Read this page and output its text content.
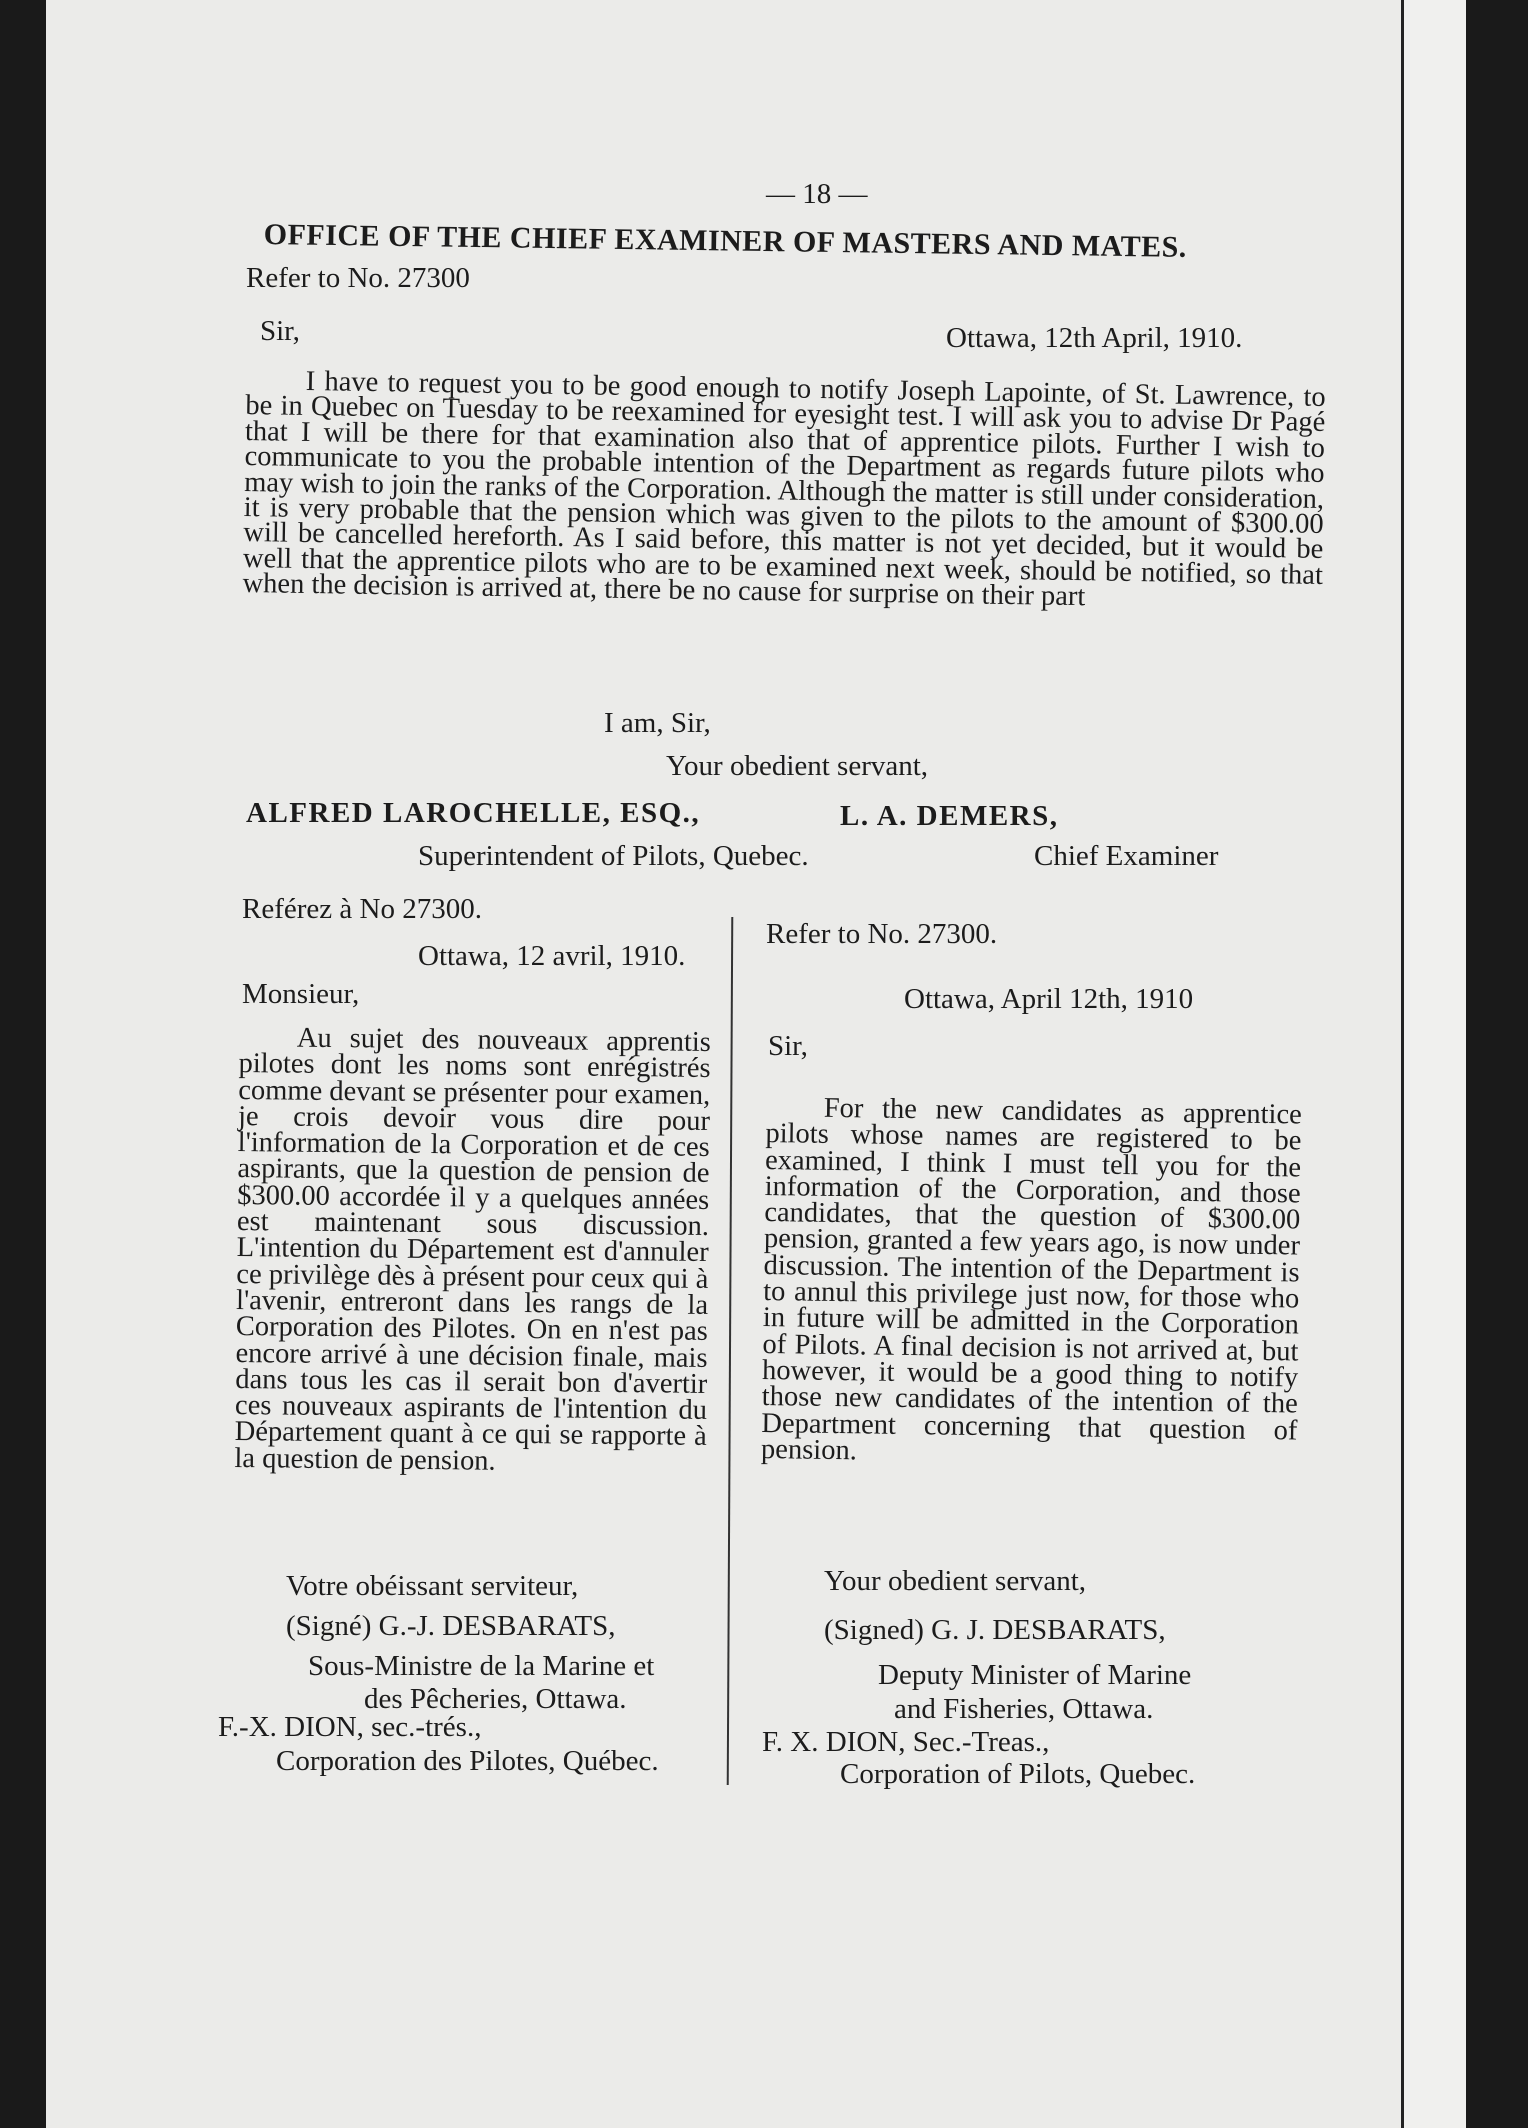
— 18 —
OFFICE OF THE CHIEF EXAMINER OF MASTERS AND MATES.
Refer to No. 27300
Sir,	Ottawa, 12th April, 1910.
I have to request you to be good enough to notify Joseph Lapointe, of St. Lawrence, to be in Quebec on Tuesday to be reexamined for eyesight test. I will ask you to advise Dr Pagé that I will be there for that examination also that of apprentice pilots. Further I wish to communicate to you the probable intention of the Department as regards future pilots who may wish to join the ranks of the Corporation. Although the matter is still under consideration, it is very probable that the pension which was given to the pilots to the amount of $300.00 will be cancelled hereforth. As I said before, this matter is not yet decided, but it would be well that the apprentice pilots who are to be examined next week, should be notified, so that when the decision is arrived at, there be no cause for surprise on their part
I am, Sir,
Your obedient servant,
ALFRED LAROCHELLE, ESQ.,	L. A. DEMERS,
Superintendent of Pilots, Quebec.	Chief Examiner
Reférez à No 27300.
Ottawa, 12 avril, 1910.
Monsieur,
Au sujet des nouveaux apprentis pilotes dont les noms sont enrégistrés comme devant se présenter pour examen, je crois devoir vous dire pour l'information de la Corporation et de ces aspirants, que la question de pension de $300.00 accordée il y a quelques années est maintenant sous discussion. L'intention du Département est d'annuler ce privilège dès à présent pour ceux qui à l'avenir, entreront dans les rangs de la Corporation des Pilotes. On en n'est pas encore arrivé à une décision finale, mais dans tous les cas il serait bon d'avertir ces nouveaux aspirants de l'intention du Département quant à ce qui se rapporte à la question de pension.
Votre obéissant serviteur,
(Signé) G.-J. DESBARATS,
Sous-Ministre de la Marine et
des Pêcheries, Ottawa.
F.-X. DION, sec.-trés.,
Corporation des Pilotes, Québec.
Refer to No. 27300.
Ottawa, April 12th, 1910
Sir,
For the new candidates as apprentice pilots whose names are registered to be examined, I think I must tell you for the information of the Corporation, and those candidates, that the question of $300.00 pension, granted a few years ago, is now under discussion. The intention of the Department is to annul this privilege just now, for those who in future will be admitted in the Corporation of Pilots. A final decision is not arrived at, but however, it would be a good thing to notify those new candidates of the intention of the Department concerning that question of pension.
Your obedient servant,
(Signed) G. J. DESBARATS,
Deputy Minister of Marine
and Fisheries, Ottawa.
F. X. DION, Sec.-Treas.,
Corporation of Pilots, Quebec.
